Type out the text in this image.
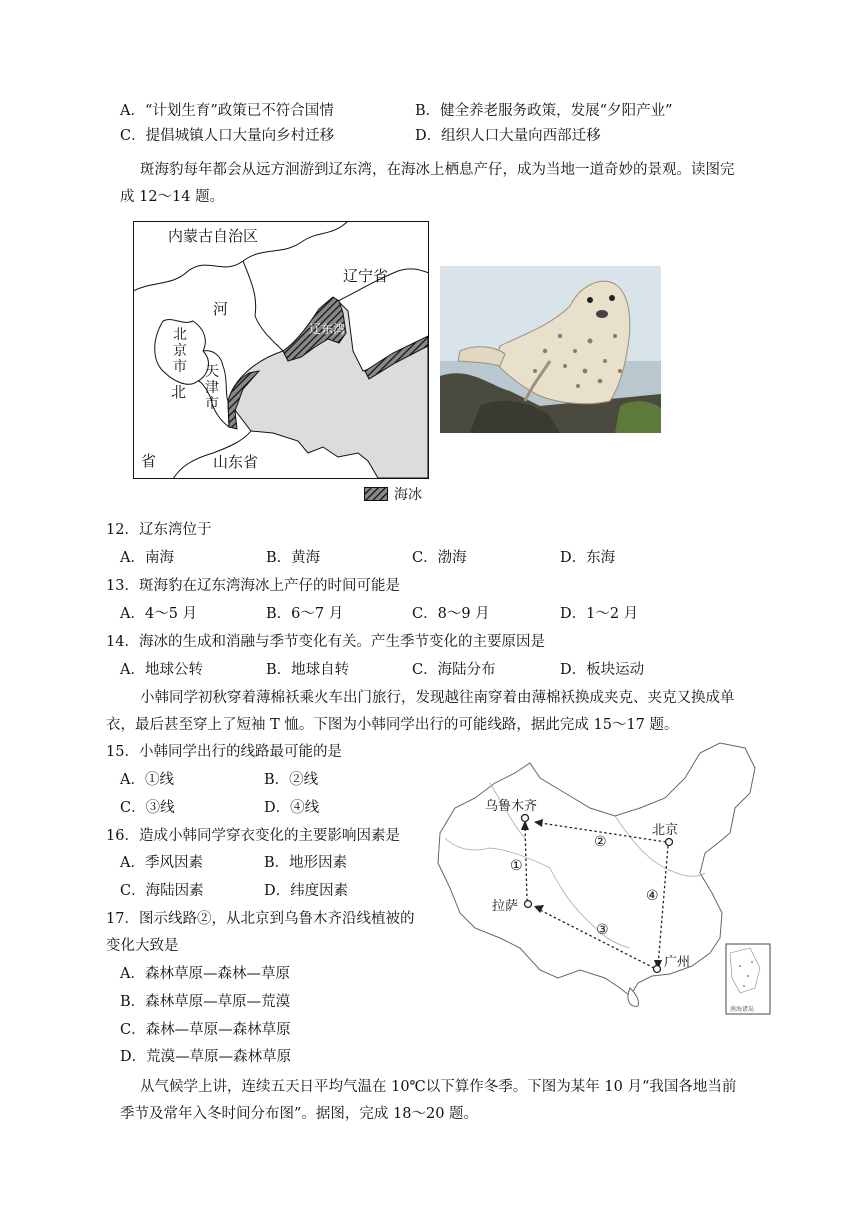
A．“计划生育”政策已不符合国情	B．健全养老服务政策，发展“夕阳产业”
C．提倡城镇人口大量向乡村迁移	D．组织人口大量向西部迁移
斑海豹每年都会从远方洄游到辽东湾，在海冰上栖息产仔，成为当地一道奇妙的景观。读图完
成 12～14 题。
内蒙古自治区
辽宁省
河
北
省
北
京
市 天
津
市
辽东湾
山东省
海冰
12．辽东湾位于
A．南海	B．黄海	C．渤海	D．东海
13．斑海豹在辽东湾海冰上产仔的时间可能是
A．4～5 月	B．6～7 月	C．8～9 月	D．1～2 月
14．海冰的生成和消融与季节变化有关。产生季节变化的主要原因是
A．地球公转	B．地球自转	C．海陆分布	D．板块运动
小韩同学初秋穿着薄棉袄乘火车出门旅行，发现越往南穿着由薄棉袄换成夹克、夹克又换成单
衣，最后甚至穿上了短袖 T 恤。下图为小韩同学出行的可能线路，据此完成 15～17 题。
15．小韩同学出行的线路最可能的是
A．①线	B．②线
C．③线	D．④线
16．造成小韩同学穿衣变化的主要影响因素是
A．季风因素	B．地形因素
C．海陆因素	D．纬度因素
17．图示线路②，从北京到乌鲁木齐沿线植被的
变化大致是
A．森林草原—森林—草原
B．森林草原—草原—荒漠
C．森林—草原—森林草原
D．荒漠—草原—森林草原
南海诸岛
乌鲁木齐
北京
拉萨
广州
①
②
③
④
从气候学上讲，连续五天日平均气温在 10℃以下算作冬季。下图为某年 10 月“我国各地当前
季节及常年入冬时间分布图”。据图，完成 18～20 题。
